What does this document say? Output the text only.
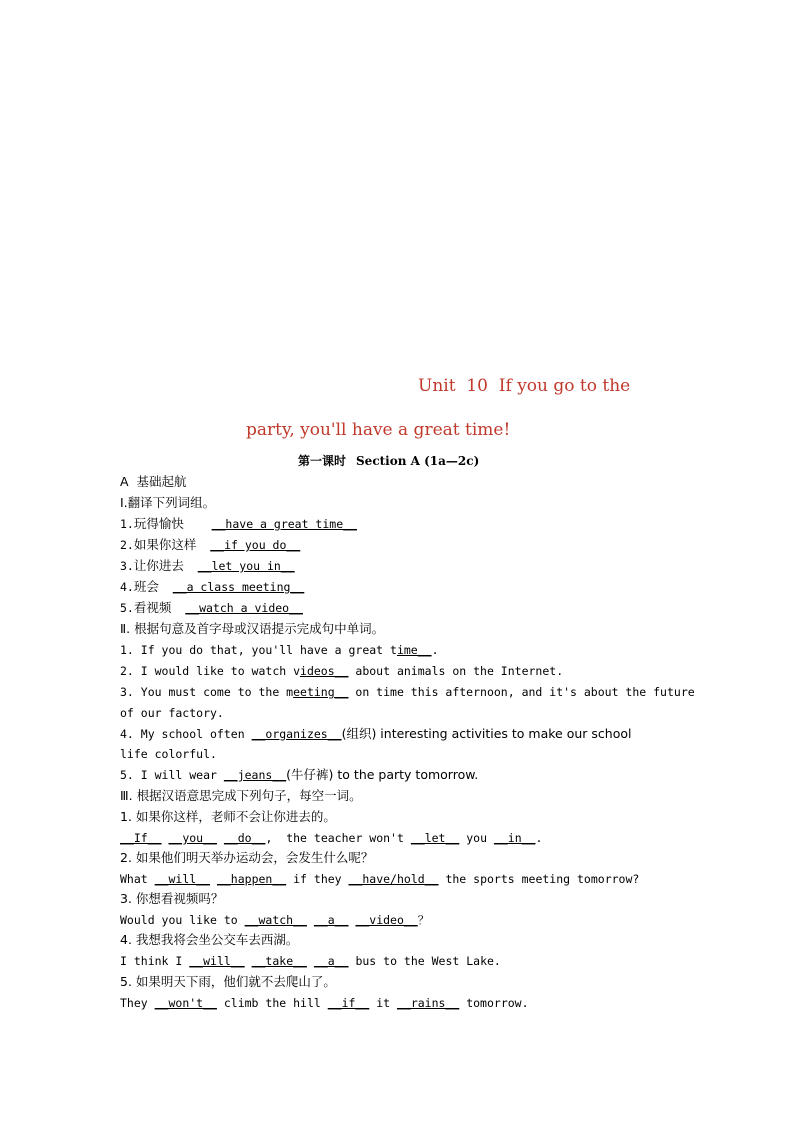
Unit  10  If you go to the
party, you'll have a great time!
第一课时 Section A (1a—2c)
A  基础起航
Ⅰ.翻译下列词组。
1.玩得愉快 __have a great time__
2.如果你这样 __if you do__
3.让你进去 __let you in__
4.班会 __a class meeting__
5.看视频 __watch a video__
Ⅱ. 根据句意及首字母或汉语提示完成句中单词。
1. If you do that, you'll have a great time__.
2. I would like to watch videos__ about animals on the Internet.
3. You must come to the meeting__ on time this afternoon, and it's about the future
of our factory.
4. My school often __organizes__(组织) interesting activities to make our school
life colorful.
5. I will wear __jeans__(牛仔裤) to the party tomorrow.
Ⅲ. 根据汉语意思完成下列句子，每空一词。
1. 如果你这样，老师不会让你进去的。
__If__ __you__ __do__,  the teacher won't __let__ you __in__.
2. 如果他们明天举办运动会，会发生什么呢？
What __will__ __happen__ if they __have/hold__ the sports meeting tomorrow?
3. 你想看视频吗？
Would you like to __watch__ __a__ __video__？
4. 我想我将会坐公交车去西湖。
I think I __will__ __take__ __a__ bus to the West Lake.
5. 如果明天下雨，他们就不去爬山了。
They __won't__ climb the hill __if__ it __rains__ tomorrow.
